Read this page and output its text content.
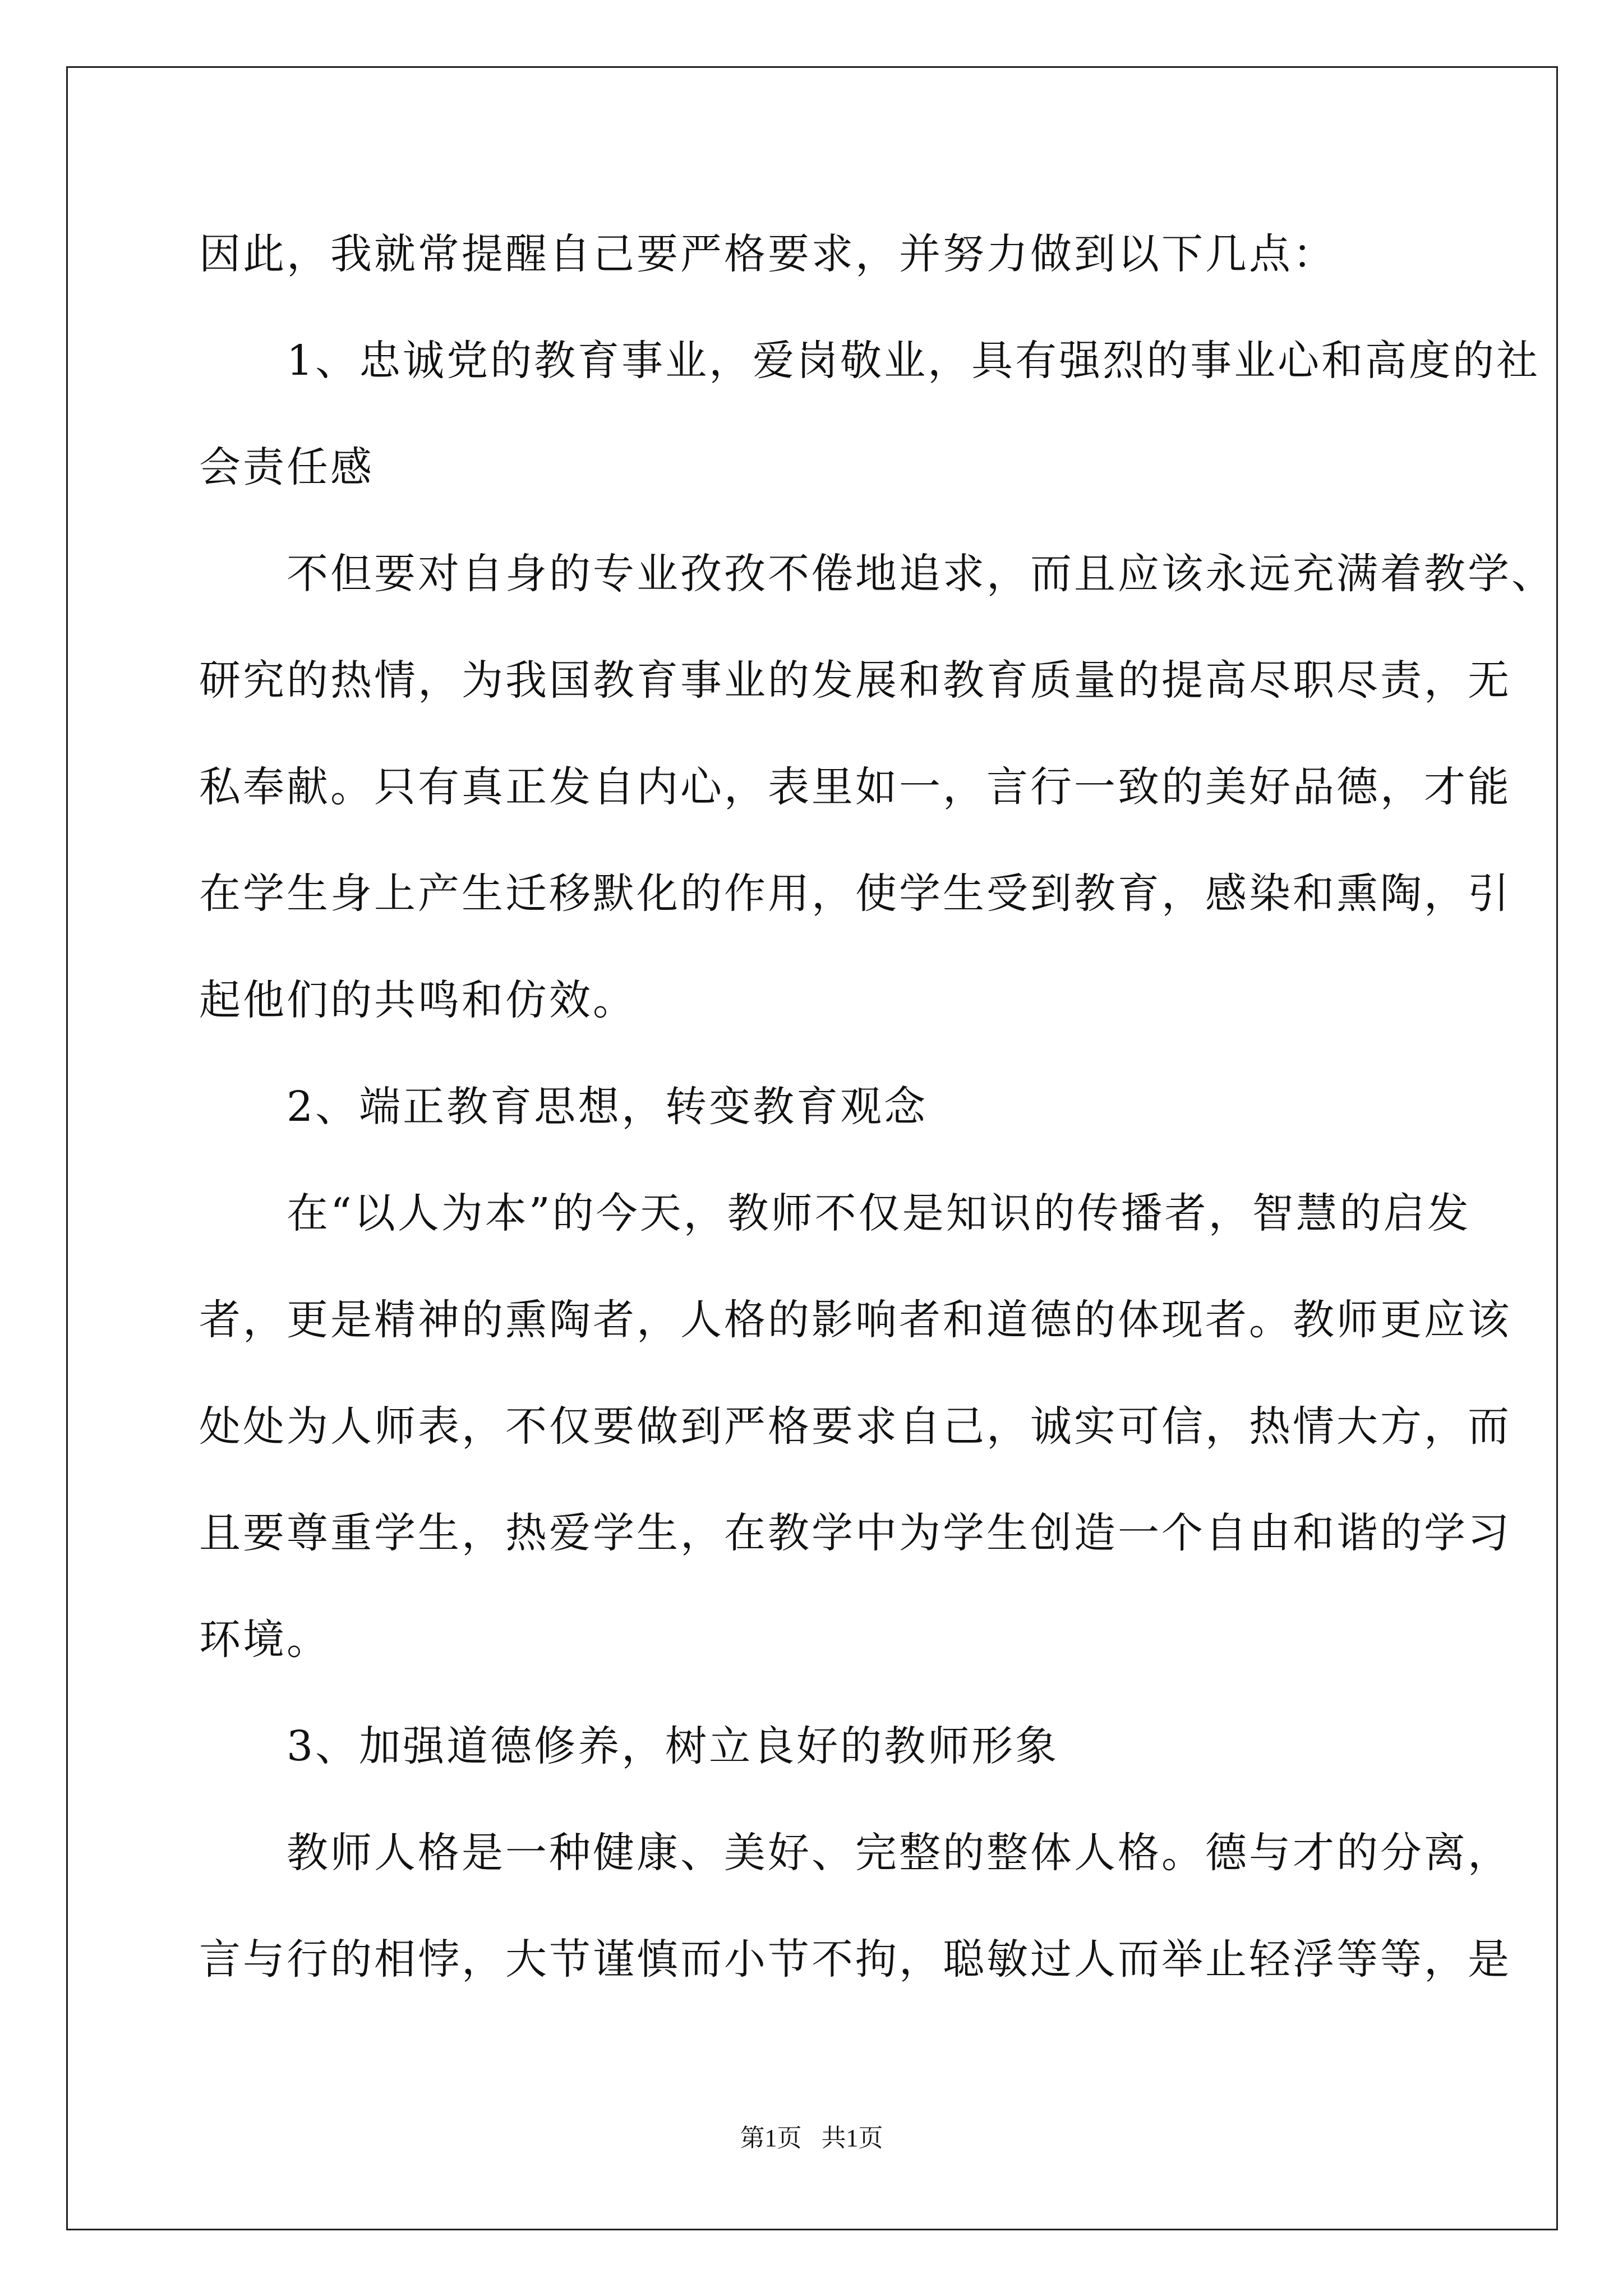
因此，我就常提醒自己要严格要求，并努力做到以下几点：
　　1、忠诚党的教育事业，爱岗敬业，具有强烈的事业心和高度的社
会责任感
　　不但要对自身的专业孜孜不倦地追求，而且应该永远充满着教学、
研究的热情，为我国教育事业的发展和教育质量的提高尽职尽责，无
私奉献。只有真正发自内心，表里如一，言行一致的美好品德，才能
在学生身上产生迁移默化的作用，使学生受到教育，感染和熏陶，引
起他们的共鸣和仿效。
　　2、端正教育思想，转变教育观念
　　在“以人为本”的今天，教师不仅是知识的传播者，智慧的启发
者，更是精神的熏陶者，人格的影响者和道德的体现者。教师更应该
处处为人师表，不仅要做到严格要求自己，诚实可信，热情大方，而
且要尊重学生，热爱学生，在教学中为学生创造一个自由和谐的学习
环境。
　　3、加强道德修养，树立良好的教师形象
　　教师人格是一种健康、美好、完整的整体人格。德与才的分离，
言与行的相悖，大节谨慎而小节不拘，聪敏过人而举止轻浮等等，是
第1页 共1页
